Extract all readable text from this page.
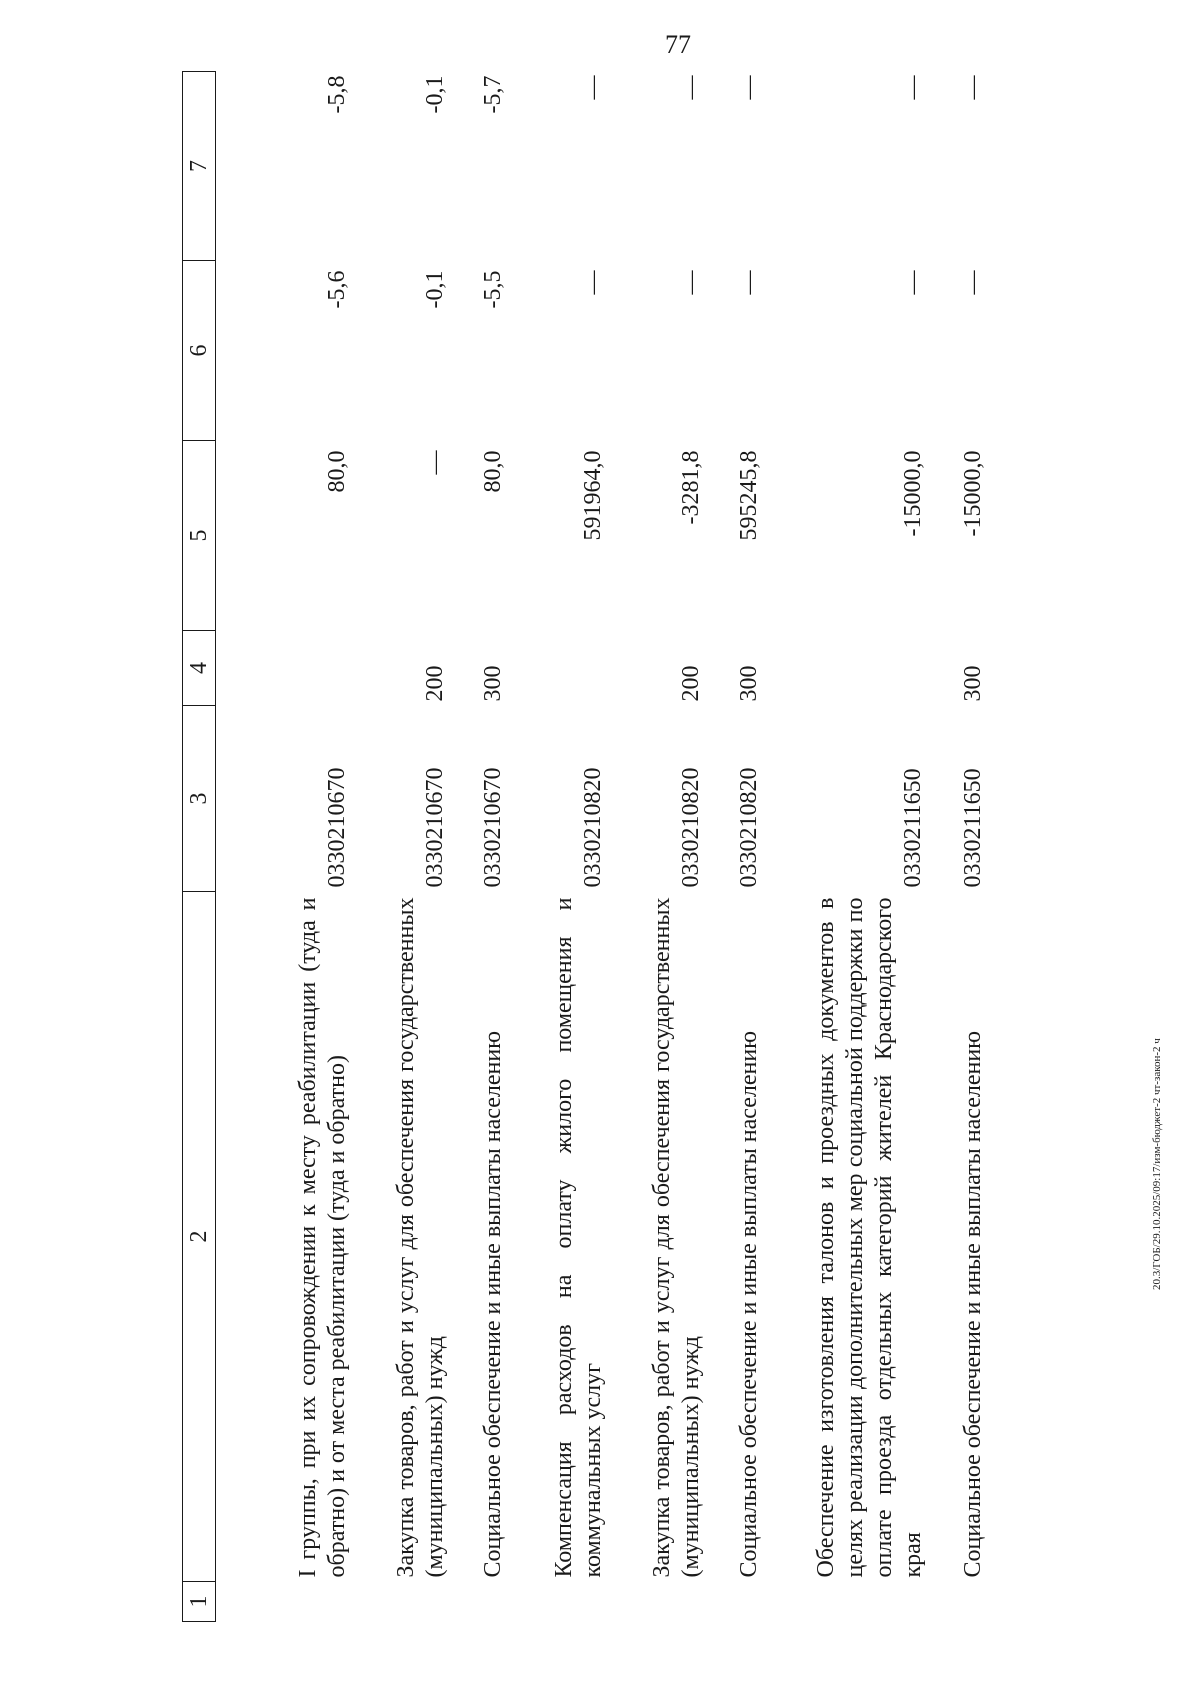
77
1	2	3	4	5	6	7
	I группы, при их сопровождении к месту реабилитации (туда и обратно) и от места реабилитации (туда и обратно)	0330210670		80,0	-5,6	-5,8
	Закупка товаров, работ и услуг для обеспечения государственных (муниципальных) нужд	0330210670	200	—	-0,1	-0,1
	Социальное обеспечение и иные выплаты населению	0330210670	300	80,0	-5,5	-5,7
	Компенсация расходов на оплату жилого помещения и коммунальных услуг	0330210820		591964,0	—	—
	Закупка товаров, работ и услуг для обеспечения государственных (муниципальных) нужд	0330210820	200	-3281,8	—	—
	Социальное обеспечение и иные выплаты населению	0330210820	300	595245,8	—	—
	Обеспечение изготовления талонов и проездных документов в целях реализации дополнительных мер социальной поддержки по оплате проезда отдельных категорий жителей Краснодарского края	0330211650		-15000,0	—	—
	Социальное обеспечение и иные выплаты населению	0330211650	300	-15000,0	—	—
20.3/ГОБ/29.10.2025/09:17/изм-бюджет-2 чт-закон-2 ч
